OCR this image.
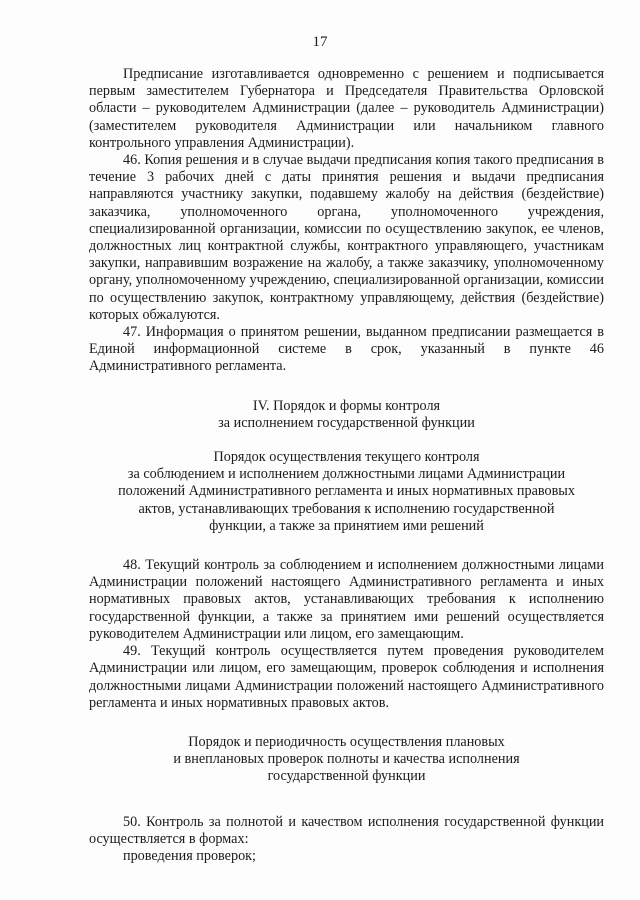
17

Предписание изготавливается одновременно с решением и подписывается первым заместителем Губернатора и Председателя Правительства Орловской области – руководителем Администрации (далее – руководитель Администрации) (заместителем руководителя Администрации или начальником главного контрольного управления Администрации).

46. Копия решения и в случае выдачи предписания копия такого предписания в течение 3 рабочих дней с даты принятия решения и выдачи предписания направляются участнику закупки, подавшему жалобу на действия (бездействие) заказчика, уполномоченного органа, уполномоченного учреждения, специализированной организации, комиссии по осуществлению закупок, ее членов, должностных лиц контрактной службы, контрактного управляющего, участникам закупки, направившим возражение на жалобу, а также заказчику, уполномоченному органу, уполномоченному учреждению, специализированной организации, комиссии по осуществлению закупок, контрактному управляющему, действия (бездействие) которых обжалуются.

47. Информация о принятом решении, выданном предписании размещается в Единой информационной системе в срок, указанный в пункте 46 Административного регламента.

IV. Порядок и формы контроля

за исполнением государственной функции

Порядок осуществления текущего контроля

за соблюдением и исполнением должностными лицами Администрации

положений Административного регламента и иных нормативных правовых

актов, устанавливающих требования к исполнению государственной

функции, а также за принятием ими решений

48. Текущий контроль за соблюдением и исполнением должностными лицами Администрации положений настоящего Административного регламента и иных нормативных правовых актов, устанавливающих требования к исполнению государственной функции, а также за принятием ими решений осуществляется руководителем Администрации или лицом, его замещающим.

49. Текущий контроль осуществляется путем проведения руководителем Администрации или лицом, его замещающим, проверок соблюдения и исполнения должностными лицами Администрации положений настоящего Административного регламента и иных нормативных правовых актов.

Порядок и периодичность осуществления плановых

и внеплановых проверок полноты и качества исполнения

государственной функции

50. Контроль за полнотой и качеством исполнения государственной функции осуществляется в формах:

проведения проверок;
